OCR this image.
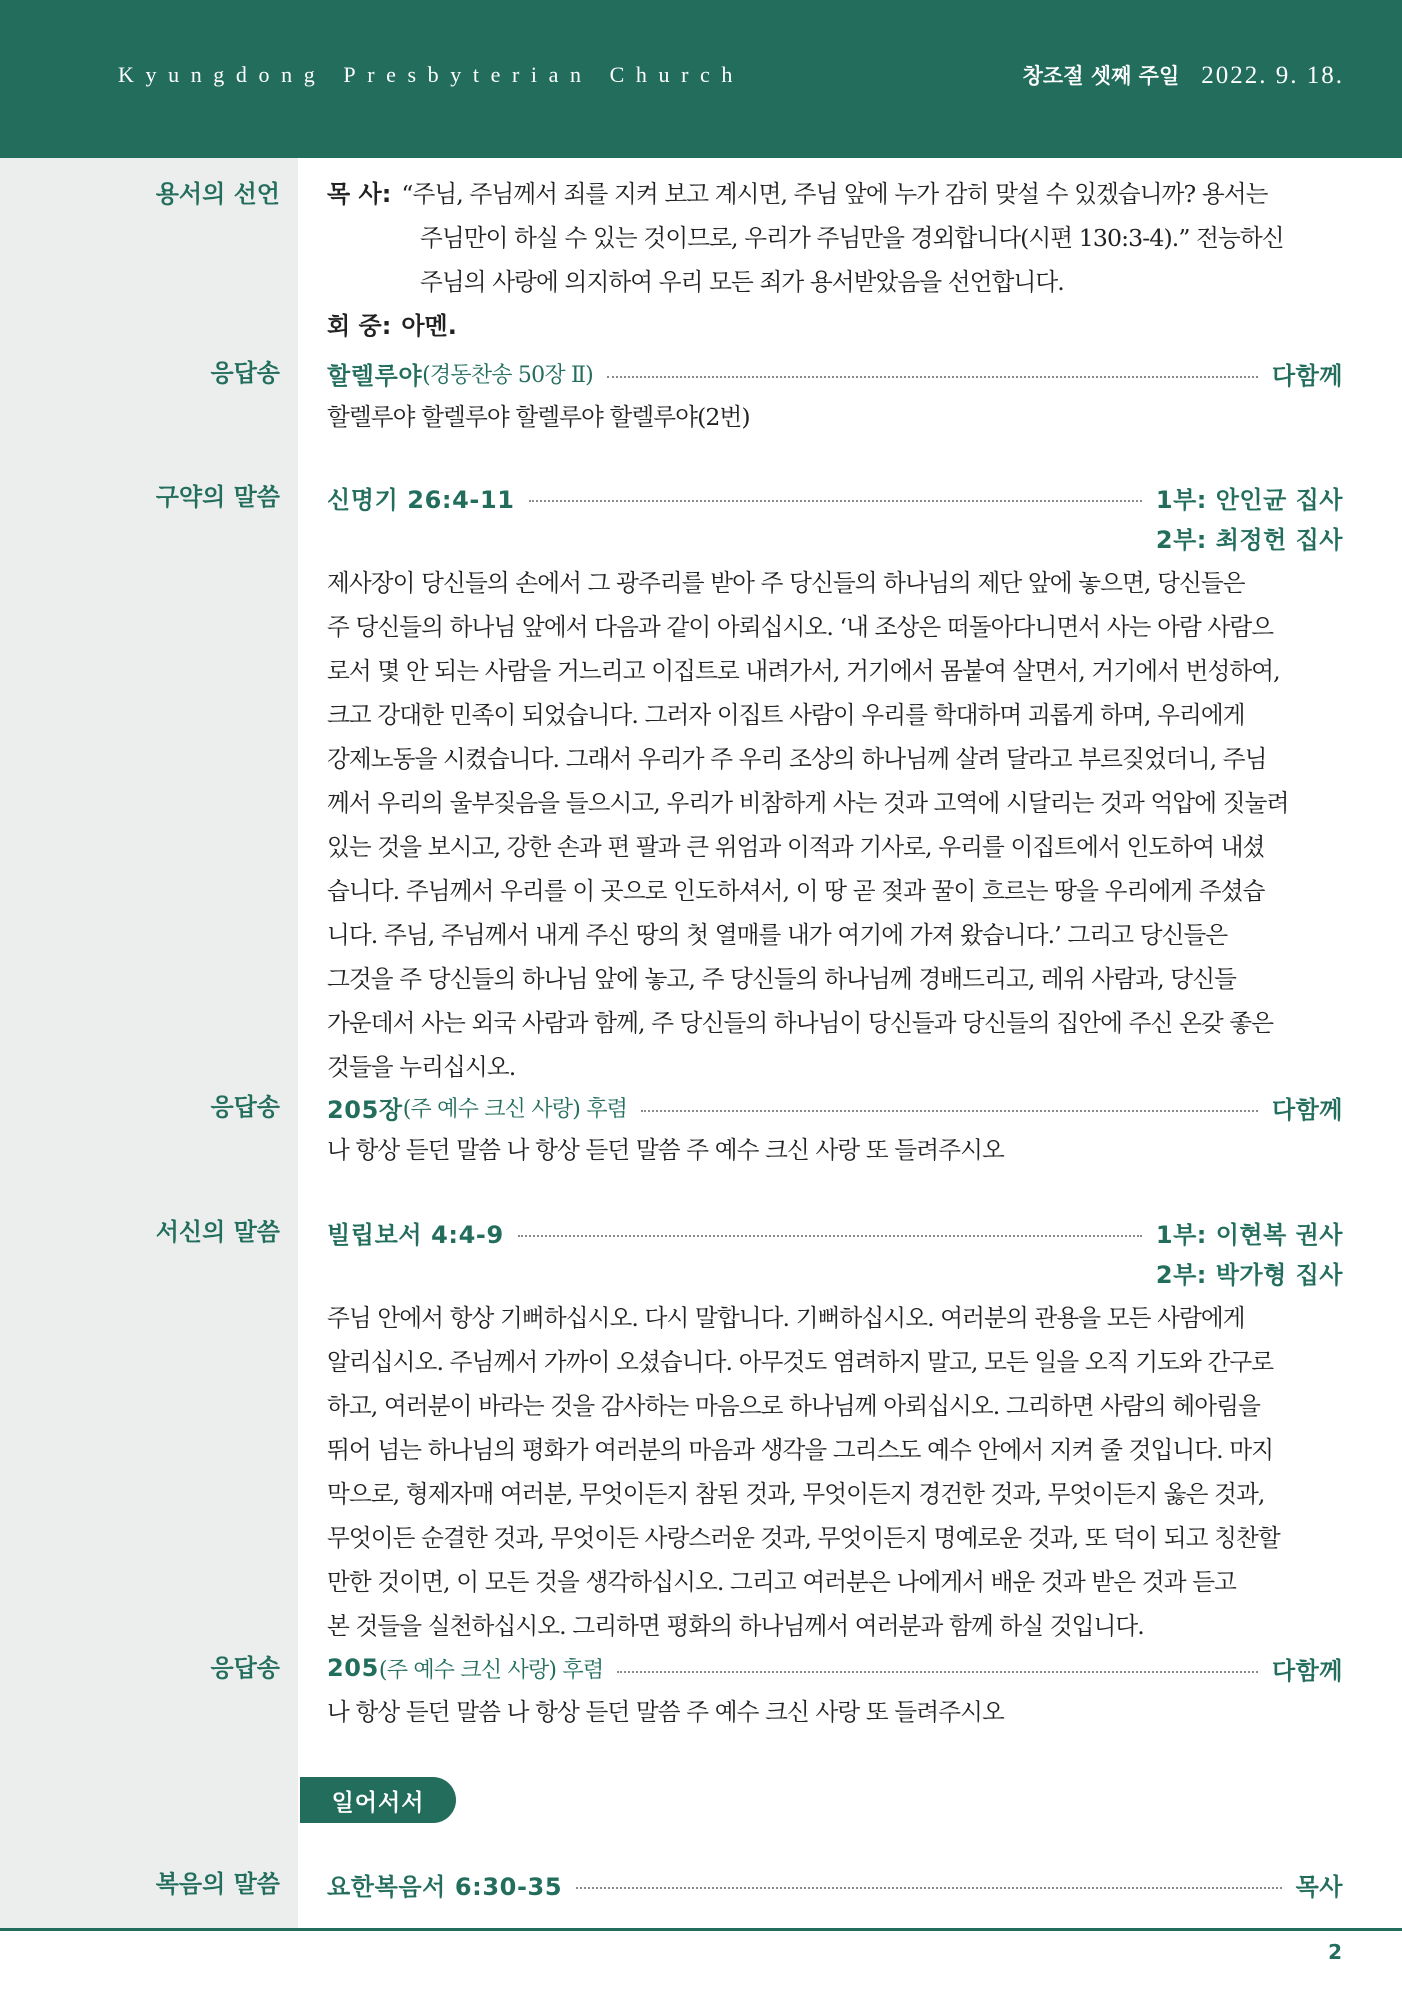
Kyungdong Presbyterian Church	창조절 셋째 주일 2022. 9. 18.
용서의 선언 목 사: “주님, 주님께서 죄를 지켜 보고 계시면, 주님 앞에 누가 감히 맞설 수 있겠습니까? 용서는
주님만이 하실 수 있는 것이므로, 우리가 주님만을 경외합니다(시편 130:3-4).” 전능하신
주님의 사랑에 의지하여 우리 모든 죄가 용서받았음을 선언합니다.
회 중: 아멘.
응답송 할렐루야 (경동찬송 50장 Ⅱ)	다함께
할렐루야 할렐루야 할렐루야 할렐루야(2번)
구약의 말씀 신명기 26:4-11	1부: 안인균 집사
2부: 최정헌 집사
제사장이 당신들의 손에서 그 광주리를 받아 주 당신들의 하나님의 제단 앞에 놓으면, 당신들은
주 당신들의 하나님 앞에서 다음과 같이 아뢰십시오. ‘내 조상은 떠돌아다니면서 사는 아람 사람으
로서 몇 안 되는 사람을 거느리고 이집트로 내려가서, 거기에서 몸붙여 살면서, 거기에서 번성하여,
크고 강대한 민족이 되었습니다. 그러자 이집트 사람이 우리를 학대하며 괴롭게 하며, 우리에게
강제노동을 시켰습니다. 그래서 우리가 주 우리 조상의 하나님께 살려 달라고 부르짖었더니, 주님
께서 우리의 울부짖음을 들으시고, 우리가 비참하게 사는 것과 고역에 시달리는 것과 억압에 짓눌려
있는 것을 보시고, 강한 손과 편 팔과 큰 위엄과 이적과 기사로, 우리를 이집트에서 인도하여 내셨
습니다. 주님께서 우리를 이 곳으로 인도하셔서, 이 땅 곧 젖과 꿀이 흐르는 땅을 우리에게 주셨습
니다. 주님, 주님께서 내게 주신 땅의 첫 열매를 내가 여기에 가져 왔습니다.’ 그리고 당신들은
그것을 주 당신들의 하나님 앞에 놓고, 주 당신들의 하나님께 경배드리고, 레위 사람과, 당신들
가운데서 사는 외국 사람과 함께, 주 당신들의 하나님이 당신들과 당신들의 집안에 주신 온갖 좋은
것들을 누리십시오.
응답송 205장 (주 예수 크신 사랑) 후렴	다함께
나 항상 듣던 말씀 나 항상 듣던 말씀 주 예수 크신 사랑 또 들려주시오
서신의 말씀 빌립보서 4:4-9	1부: 이현복 권사
2부: 박가형 집사
주님 안에서 항상 기뻐하십시오. 다시 말합니다. 기뻐하십시오. 여러분의 관용을 모든 사람에게
알리십시오. 주님께서 가까이 오셨습니다. 아무것도 염려하지 말고, 모든 일을 오직 기도와 간구로
하고, 여러분이 바라는 것을 감사하는 마음으로 하나님께 아뢰십시오. 그리하면 사람의 헤아림을
뛰어 넘는 하나님의 평화가 여러분의 마음과 생각을 그리스도 예수 안에서 지켜 줄 것입니다. 마지
막으로, 형제자매 여러분, 무엇이든지 참된 것과, 무엇이든지 경건한 것과, 무엇이든지 옳은 것과,
무엇이든 순결한 것과, 무엇이든 사랑스러운 것과, 무엇이든지 명예로운 것과, 또 덕이 되고 칭찬할
만한 것이면, 이 모든 것을 생각하십시오. 그리고 여러분은 나에게서 배운 것과 받은 것과 듣고
본 것들을 실천하십시오. 그리하면 평화의 하나님께서 여러분과 함께 하실 것입니다.
응답송 205 (주 예수 크신 사랑) 후렴	다함께
나 항상 듣던 말씀 나 항상 듣던 말씀 주 예수 크신 사랑 또 들려주시오
일어서서
복음의 말씀 요한복음서 6:30-35	목사
2
